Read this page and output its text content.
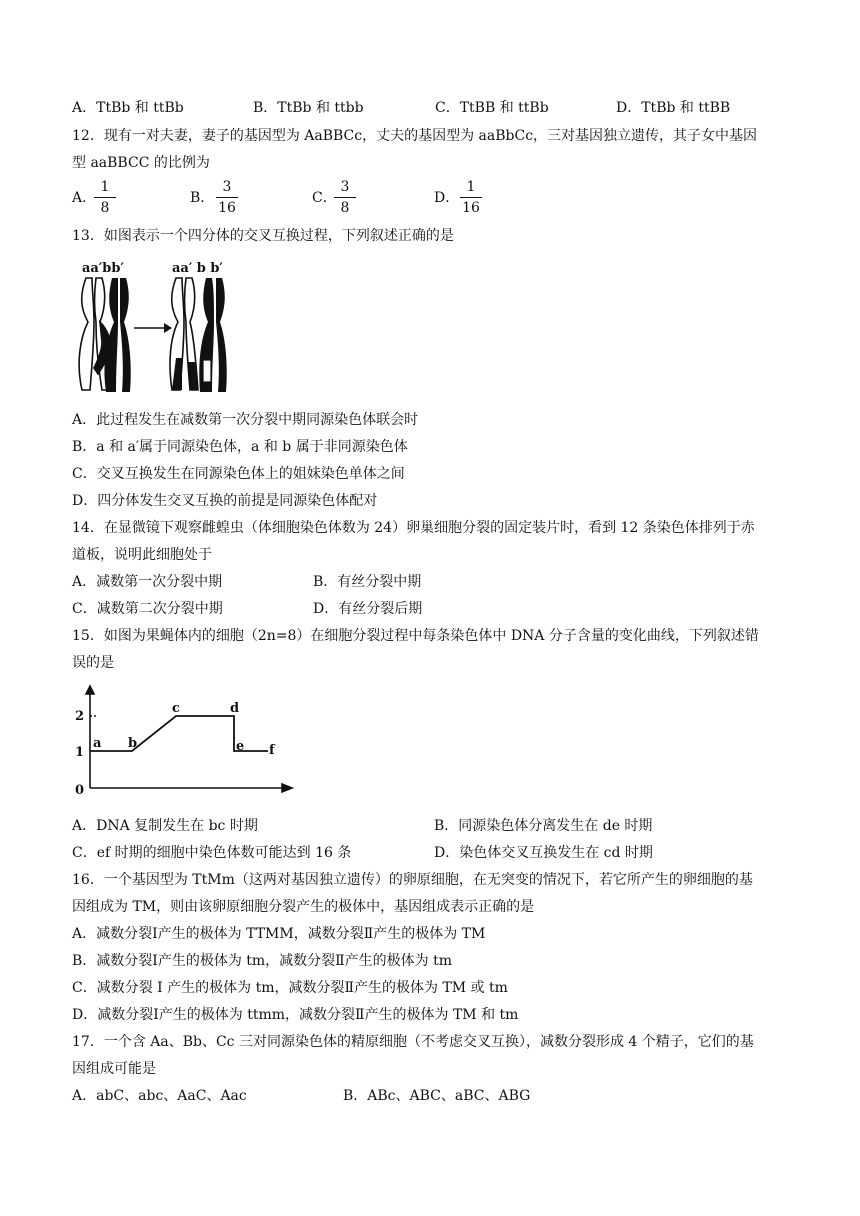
A．TtBb 和 ttBb	B．TtBb 和 ttbb	C．TtBB 和 ttBb	D．TtBb 和 ttBB
12．现有一对夫妻，妻子的基因型为 AaBBCc，丈夫的基因型为 aaBbCc，三对基因独立遗传，其子女中基因
型 aaBBCC 的比例为
A．
1
8
B．
3
16
C．
3
8
D．
1
16
13．如图表示一个四分体的交叉互换过程，下列叙述正确的是
aa′bb′	aa′ b b′
A．此过程发生在减数第一次分裂中期同源染色体联会时
B．a 和 a′属于同源染色体，a 和 b 属于非同源染色体
C．交叉互换发生在同源染色体上的姐妹染色单体之间
D．四分体发生交叉互换的前提是同源染色体配对
14．在显微镜下观察雌蝗虫（体细胞染色体数为 24）卵巢细胞分裂的固定装片时，看到 12 条染色体排列于赤
道板，说明此细胞处于
A．减数第一次分裂中期	B．有丝分裂中期
C．减数第二次分裂中期	D．有丝分裂后期
15．如图为果蝇体内的细胞（2n=8）在细胞分裂过程中每条染色体中 DNA 分子含量的变化曲线，下列叙述错
误的是
2
1
0
a b
c	d
e f
A．DNA 复制发生在 bc 时期	B．同源染色体分离发生在 de 时期
C．ef 时期的细胞中染色体数可能达到 16 条	D．染色体交叉互换发生在 cd 时期
16．一个基因型为 TtMm（这两对基因独立遗传）的卵原细胞，在无突变的情况下，若它所产生的卵细胞的基
因组成为 TM，则由该卵原细胞分裂产生的极体中，基因组成表示正确的是
A．减数分裂Ⅰ产生的极体为 TTMM，减数分裂Ⅱ产生的极体为 TM
B．减数分裂Ⅰ产生的极体为 tm，减数分裂Ⅱ产生的极体为 tm
C．减数分裂 Ⅰ 产生的极体为 tm，减数分裂Ⅱ产生的极体为 TM 或 tm
D．减数分裂Ⅰ产生的极体为 ttmm，减数分裂Ⅱ产生的极体为 TM 和 tm
17．一个含 Aa、Bb、Cc 三对同源染色体的精原细胞（不考虑交叉互换），减数分裂形成 4 个精子，它们的基
因组成可能是
A．abC、abc、AaC、Aac	B．ABc、ABC、aBC、ABG
